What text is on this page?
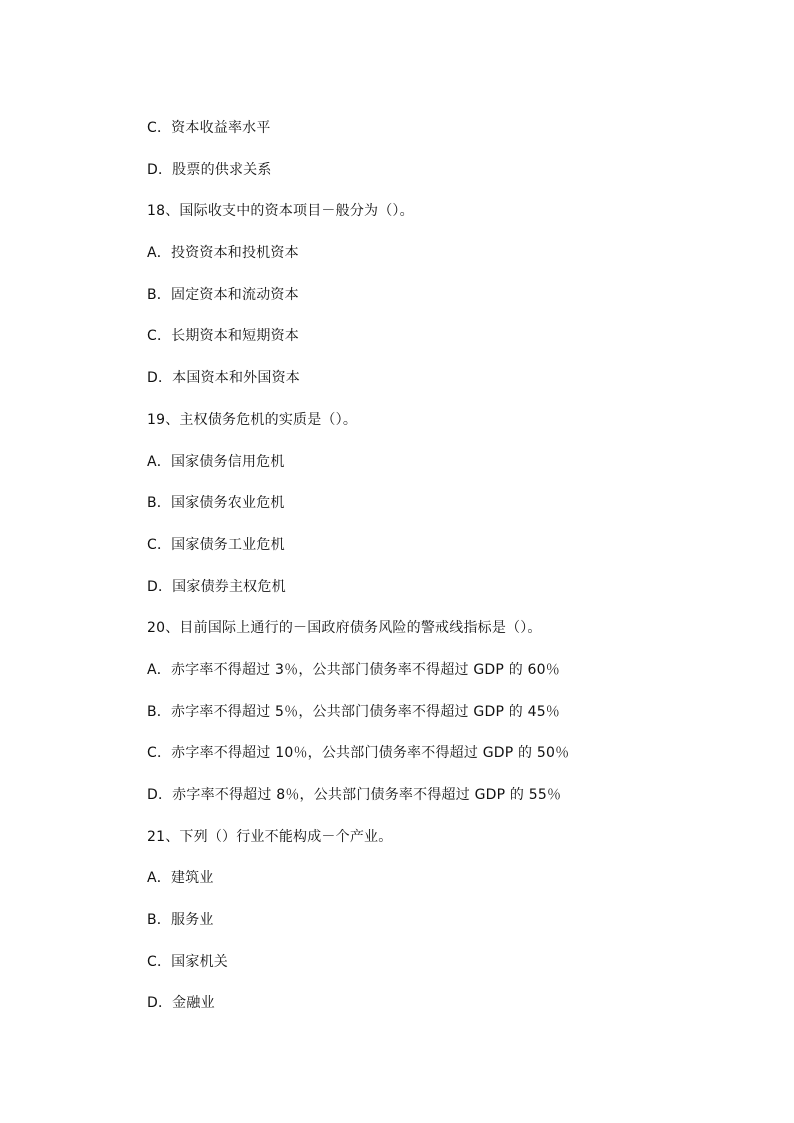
C．资本收益率水平
D．股票的供求关系
18、国际收支中的资本项目－般分为（）。
A．投资资本和投机资本
B．固定资本和流动资本
C．长期资本和短期资本
D．本国资本和外国资本
19、主权债务危机的实质是（）。
A．国家债务信用危机
B．国家债务农业危机
C．国家债务工业危机
D．国家债券主权危机
20、目前国际上通行的－国政府债务风险的警戒线指标是（）。
A．赤字率不得超过 3％，公共部门债务率不得超过 GDP 的 60％
B．赤字率不得超过 5％，公共部门债务率不得超过 GDP 的 45％
C．赤字率不得超过 10％，公共部门债务率不得超过 GDP 的 50％
D．赤字率不得超过 8％，公共部门债务率不得超过 GDP 的 55％
21、下列（）行业不能构成－个产业。
A．建筑业
B．服务业
C．国家机关
D．金融业
